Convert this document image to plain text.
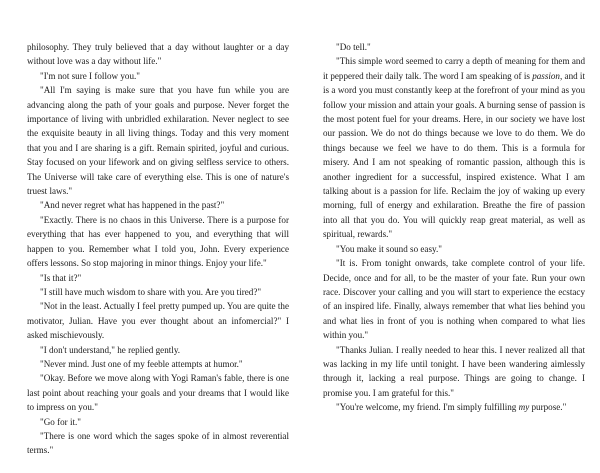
philosophy. They truly believed that a day without laughter or a day without love was a day without life."

"I'm not sure I follow you."

"All I'm saying is make sure that you have fun while you are advancing along the path of your goals and purpose. Never forget the importance of living with unbridled exhilaration. Never neglect to see the exquisite beauty in all living things. Today and this very moment that you and I are sharing is a gift. Remain spirited, joyful and curious. Stay focused on your lifework and on giving selfless service to others. The Universe will take care of everything else. This is one of nature's truest laws."

"And never regret what has happened in the past?"

"Exactly. There is no chaos in this Universe. There is a purpose for everything that has ever happened to you, and everything that will happen to you. Remember what I told you, John. Every experience offers lessons. So stop majoring in minor things. Enjoy your life."

"Is that it?"

"I still have much wisdom to share with you. Are you tired?"

"Not in the least. Actually I feel pretty pumped up. You are quite the motivator, Julian. Have you ever thought about an infomercial?" I asked mischievously.

"I don't understand," he replied gently.

"Never mind. Just one of my feeble attempts at humor."

"Okay. Before we move along with Yogi Raman's fable, there is one last point about reaching your goals and your dreams that I would like to impress on you."

"Go for it."

"There is one word which the sages spoke of in almost reverential terms."

"Do tell."

"This simple word seemed to carry a depth of meaning for them and it peppered their daily talk. The word I am speaking of is passion, and it is a word you must constantly keep at the forefront of your mind as you follow your mission and attain your goals. A burning sense of passion is the most potent fuel for your dreams. Here, in our society we have lost our passion. We do not do things because we love to do them. We do things because we feel we have to do them. This is a formula for misery. And I am not speaking of romantic passion, although this is another ingredient for a successful, inspired existence. What I am talking about is a passion for life. Reclaim the joy of waking up every morning, full of energy and exhilaration. Breathe the fire of passion into all that you do. You will quickly reap great material, as well as spiritual, rewards."

"You make it sound so easy."

"It is. From tonight onwards, take complete control of your life. Decide, once and for all, to be the master of your fate. Run your own race. Discover your calling and you will start to experience the ecstacy of an inspired life. Finally, always remember that what lies behind you and what lies in front of you is nothing when compared to what lies within you."

"Thanks Julian. I really needed to hear this. I never realized all that was lacking in my life until tonight. I have been wandering aimlessly through it, lacking a real purpose. Things are going to change. I promise you. I am grateful for this."

"You're welcome, my friend. I'm simply fulfilling my purpose."
